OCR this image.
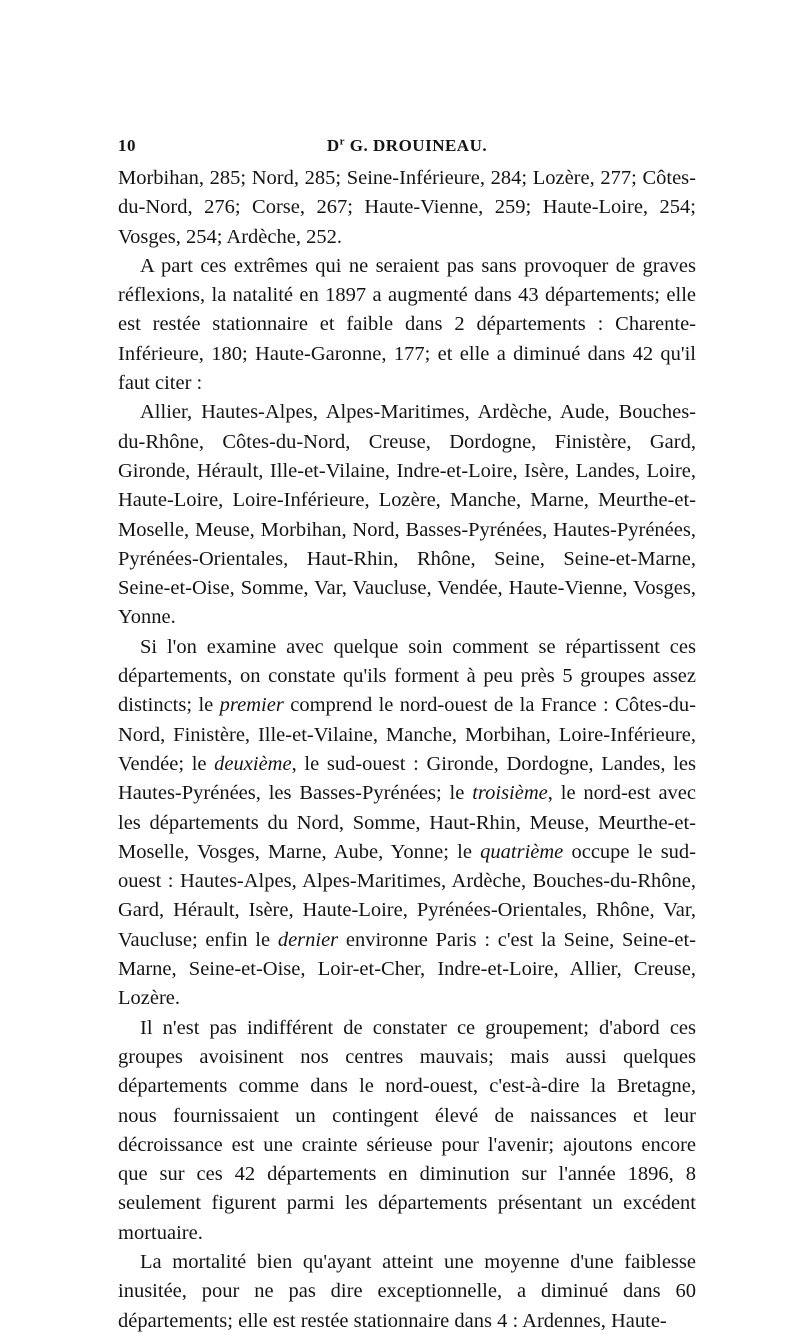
10	$D^r$ G. DROUINEAU.

Morbihan, 285; Nord, 285; Seine-Inférieure, 284; Lozère, 277; Côtes-du-Nord, 276; Corse, 267; Haute-Vienne, 259; Haute-Loire, 254; Vosges, 254; Ardèche, 252.

A part ces extrêmes qui ne seraient pas sans provoquer de graves réflexions, la natalité en 1897 a augmenté dans 43 départements; elle est restée stationnaire et faible dans 2 départements : Charente-Inférieure, 180; Haute-Garonne, 177; et elle a diminué dans 42 qu'il faut citer :

Allier, Hautes-Alpes, Alpes-Maritimes, Ardèche, Aude, Bouches-du-Rhône, Côtes-du-Nord, Creuse, Dordogne, Finistère, Gard, Gironde, Hérault, Ille-et-Vilaine, Indre-et-Loire, Isère, Landes, Loire, Haute-Loire, Loire-Inférieure, Lozère, Manche, Marne, Meurthe-et-Moselle, Meuse, Morbihan, Nord, Basses-Pyrénées, Hautes-Pyrénées, Pyrénées-Orientales, Haut-Rhin, Rhône, Seine, Seine-et-Marne, Seine-et-Oise, Somme, Var, Vaucluse, Vendée, Haute-Vienne, Vosges, Yonne.

Si l'on examine avec quelque soin comment se répartissent ces départements, on constate qu'ils forment à peu près 5 groupes assez distincts; le premier comprend le nord-ouest de la France : Côtes-du-Nord, Finistère, Ille-et-Vilaine, Manche, Morbihan, Loire-Inférieure, Vendée; le deuxième, le sud-ouest : Gironde, Dordogne, Landes, les Hautes-Pyrénées, les Basses-Pyrénées; le troisième, le nord-est avec les départements du Nord, Somme, Haut-Rhin, Meuse, Meurthe-et-Moselle, Vosges, Marne, Aube, Yonne; le quatrième occupe le sud-ouest : Hautes-Alpes, Alpes-Maritimes, Ardèche, Bouches-du-Rhône, Gard, Hérault, Isère, Haute-Loire, Pyrénées-Orientales, Rhône, Var, Vaucluse; enfin le dernier environne Paris : c'est la Seine, Seine-et-Marne, Seine-et-Oise, Loir-et-Cher, Indre-et-Loire, Allier, Creuse, Lozère.

Il n'est pas indifférent de constater ce groupement; d'abord ces groupes avoisinent nos centres mauvais; mais aussi quelques départements comme dans le nord-ouest, c'est-à-dire la Bretagne, nous fournissaient un contingent élevé de naissances et leur décroissance est une crainte sérieuse pour l'avenir; ajoutons encore que sur ces 42 départements en diminution sur l'année 1896, 8 seulement figurent parmi les départements présentant un excédent mortuaire.

La mortalité bien qu'ayant atteint une moyenne d'une faiblesse inusitée, pour ne pas dire exceptionnelle, a diminué dans 60 départements; elle est restée stationnaire dans 4 : Ardennes, Haute-
